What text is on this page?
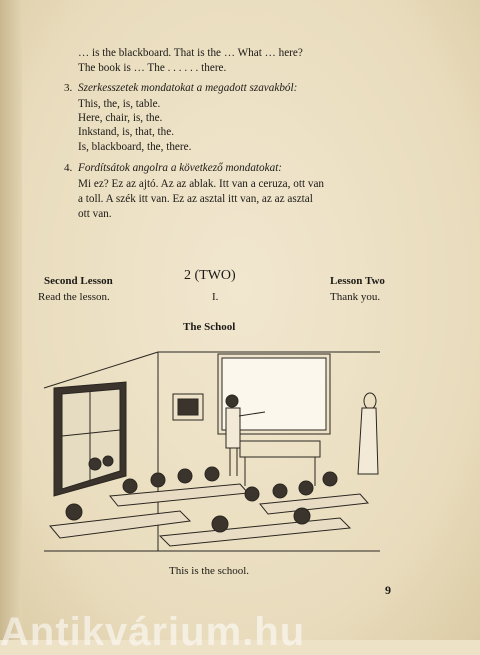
… is the blackboard. That is the … What … here?
The book is … The . . . . . . there.
3. Szerkesszetek mondatokat a megadott szavakból:
This, the, is, table.
Here, chair, is, the.
Inkstand, is, that, the.
Is, blackboard, the, there.
4. Fordítsátok angolra a következő mondatokat:
Mi ez? Ez az ajtó. Az az ablak. Itt van a ceruza, ott van
a toll. A szék itt van. Ez az asztal itt van, az az asztal
ott van.
Second Lesson	2 (TWO)	Lesson Two
Read the lesson.	I.	Thank you.
The School
This is the school.
9
Antikvárium.hu
